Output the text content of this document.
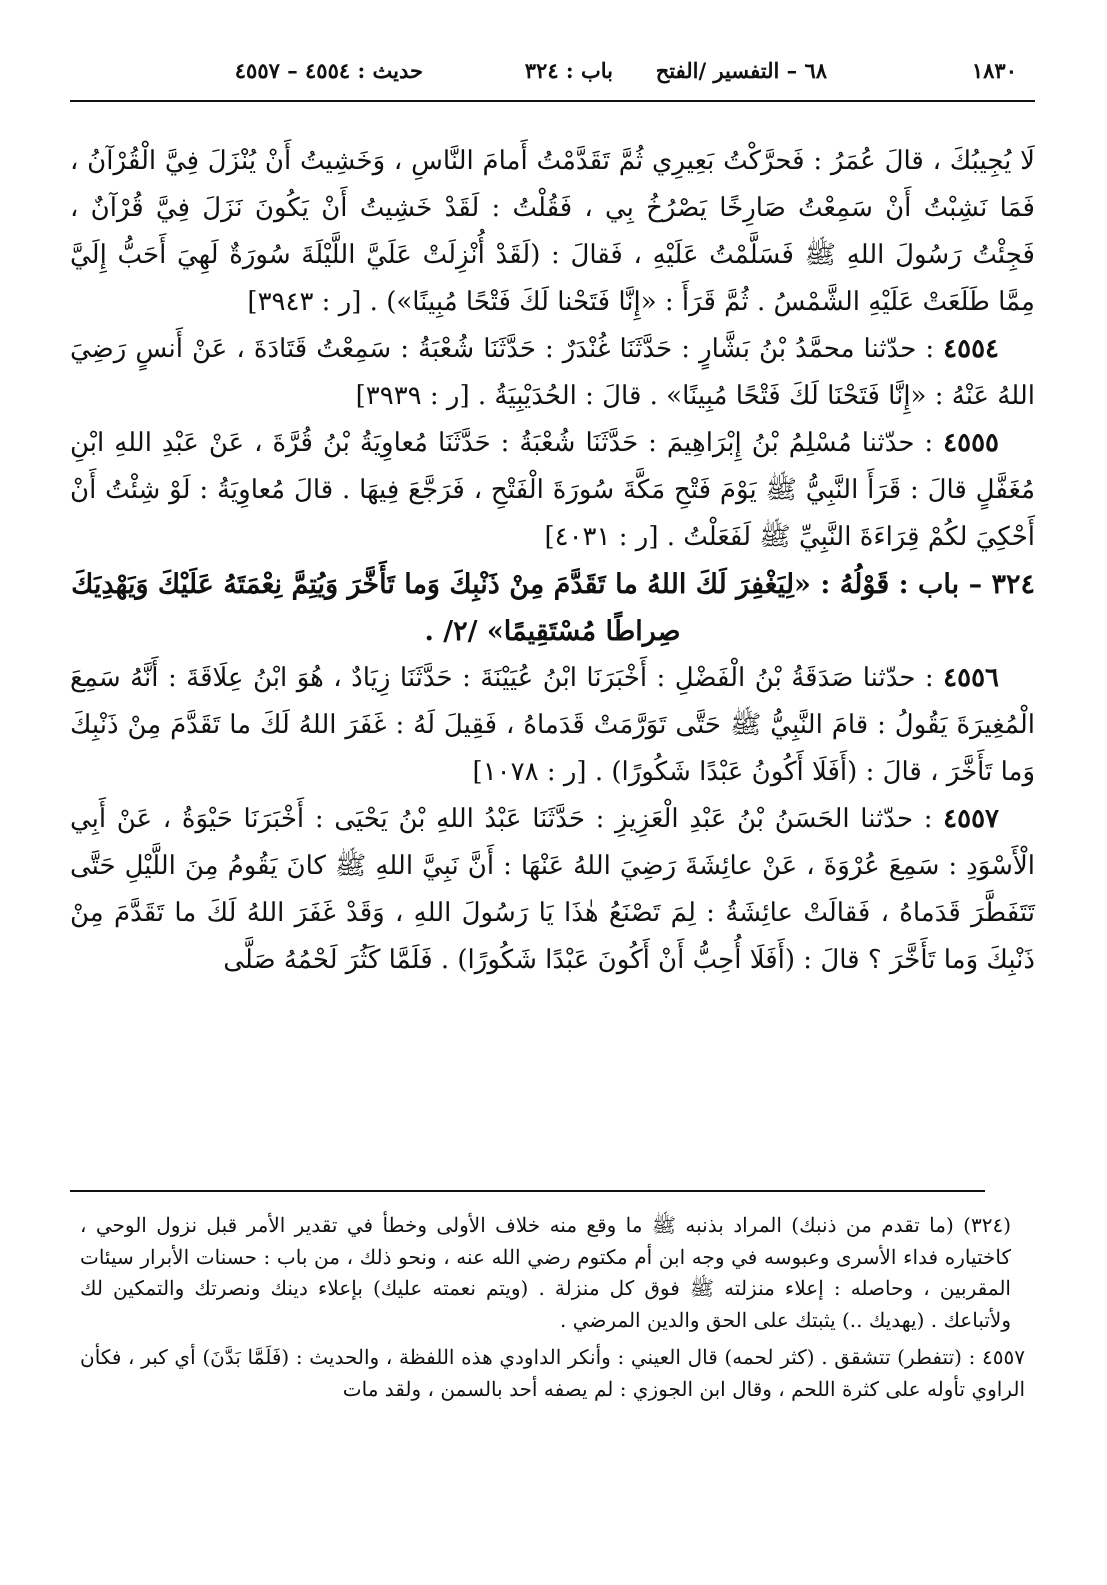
١٨٣٠
٦٨ – التفسير /الفتح
باب : ٣٢٤
حديث : ٤٥٥٤ – ٤٥٥٧

لَا يُجِيبُكَ ، قالَ عُمَرُ : فَحرَّكْتُ بَعِيرِي ثُمَّ تَقَدَّمْتُ أَمامَ النَّاسِ ، وَخَشِيتُ أَنْ يُنْزَلَ فِيَّ الْقُرْآنُ ، فَمَا نَشِبْتُ أَنْ سَمِعْتُ صَارِخًا يَصْرُخُ بِي ، فَقُلْتُ : لَقَدْ خَشِيتُ أَنْ يَكُونَ نَزَلَ فِيَّ قُرْآنٌ ، فَجِئْتُ رَسُولَ اللهِ ﷺ فَسَلَّمْتُ عَلَيْهِ ، فَقالَ : (لَقَدْ أُنْزِلَتْ عَلَيَّ اللَّيْلَةَ سُورَةٌ لَهِيَ أَحَبُّ إِلَيَّ مِمَّا طَلَعَتْ عَلَيْهِ الشَّمْسُ . ثُمَّ قَرَأَ : «إِنَّا فَتَحْنا لَكَ فَتْحًا مُبِينًا») . [ر : ٣٩٤٣]

٤٥٥٤ : حدّثنا محمَّدُ بْنُ بَشَّارٍ : حَدَّثَنَا غُنْدَرٌ : حَدَّثَنَا شُعْبَةُ : سَمِعْتُ قَتَادَةَ ، عَنْ أَنسٍ رَضِيَ اللهُ عَنْهُ : «إِنَّا فَتَحْنَا لَكَ فَتْحًا مُبِينًا» . قالَ : الحُدَيْبِيَةُ . [ر : ٣٩٣٩]

٤٥٥٥ : حدّثنا مُسْلِمُ بْنُ إِبْرَاهِيمَ : حَدَّثَنَا شُعْبَةُ : حَدَّثَنَا مُعاوِيَةُ بْنُ قُرَّةَ ، عَنْ عَبْدِ اللهِ ابْنِ مُغَفَّلٍ قالَ : قَرَأَ النَّبِيُّ ﷺ يَوْمَ فَتْحِ مَكَّةَ سُورَةَ الْفَتْحِ ، فَرَجَّعَ فِيهَا . قالَ مُعاوِيَةُ : لَوْ شِئْتُ أَنْ أَحْكِيَ لكُمْ قِرَاءَةَ النَّبِيِّ ﷺ لَفَعَلْتُ . [ر : ٤٠٣١]

٣٢٤ – باب : قَوْلُهُ : «لِيَغْفِرَ لَكَ اللهُ ما تَقَدَّمَ مِنْ ذَنْبِكَ وَما تَأَخَّرَ وَيُتِمَّ نِعْمَتَهُ عَلَيْكَ وَيَهْدِيَكَ

صِراطًا مُسْتَقِيمًا» /٢/ .

٤٥٥٦ : حدّثنا صَدَقَةُ بْنُ الْفَضْلِ : أَخْبَرَنَا ابْنُ عُيَيْنَةَ : حَدَّثَنَا زِيَادٌ ، هُوَ ابْنُ عِلَاقَةَ : أَنَّهُ سَمِعَ الْمُغِيرَةَ يَقُولُ : قامَ النَّبِيُّ ﷺ حَتَّى تَوَرَّمَتْ قَدَماهُ ، فَقِيلَ لَهُ : غَفَرَ اللهُ لَكَ ما تَقَدَّمَ مِنْ ذَنْبِكَ وَما تَأَخَّرَ ، قالَ : (أَفَلَا أَكُونُ عَبْدًا شَكُورًا) . [ر : ١٠٧٨]

٤٥٥٧ : حدّثنا الحَسَنُ بْنُ عَبْدِ الْعَزِيزِ : حَدَّثَنَا عَبْدُ اللهِ بْنُ يَحْيَى : أَخْبَرَنَا حَيْوَةُ ، عَنْ أَبِي الْأَسْوَدِ : سَمِعَ عُرْوَةَ ، عَنْ عائِشَةَ رَضِيَ اللهُ عَنْهَا : أَنَّ نَبِيَّ اللهِ ﷺ كانَ يَقُومُ مِنَ اللَّيْلِ حَتَّى تَتَفَطَّرَ قَدَماهُ ، فَقالَتْ عائِشَةُ : لِمَ تَصْنَعُ هٰذَا يَا رَسُولَ اللهِ ، وَقَدْ غَفَرَ اللهُ لَكَ ما تَقَدَّمَ مِنْ ذَنْبِكَ وَما تَأَخَّرَ ؟ قالَ : (أَفَلَا أُحِبُّ أَنْ أَكُونَ عَبْدًا شَكُورًا) . فَلَمَّا كَثُرَ لَحْمُهُ صَلَّى

(٣٢٤) (ما تقدم من ذنبك) المراد بذنبه ﷺ ما وقع منه خلاف الأولى وخطأ في تقدير الأمر قبل نزول الوحي ، كاختياره فداء الأسرى وعبوسه في وجه ابن أم مكتوم رضي الله عنه ، ونحو ذلك ، من باب : حسنات الأبرار سيئات المقربين ، وحاصله : إعلاء منزلته ﷺ فوق كل منزلة . (ويتم نعمته عليك) بإعلاء دينك ونصرتك والتمكين لك ولأتباعك . (يهديك ..) يثبتك على الحق والدين المرضي .

٤٥٥٧ : (تتفطر) تتشقق . (كثر لحمه) قال العيني : وأنكر الداودي هذه اللفظة ، والحديث : (فَلَمَّا بَدَّنَ) أي كبر ، فكأن الراوي تأوله على كثرة اللحم ، وقال ابن الجوزي : لم يصفه أحد بالسمن ، ولقد مات
